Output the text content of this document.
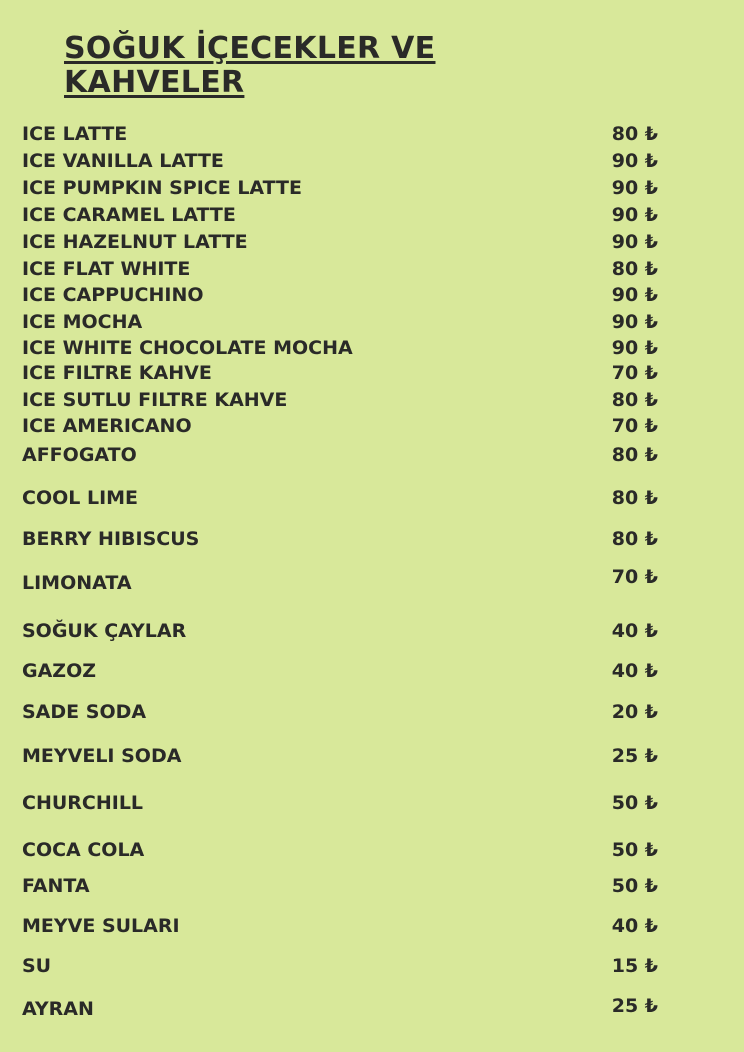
SOĞUK İÇECEKLER VE
KAHVELER
ICE LATTE	80 ₺
ICE VANILLA LATTE	90 ₺
ICE PUMPKIN SPICE LATTE	90 ₺
ICE CARAMEL LATTE	90 ₺
ICE HAZELNUT LATTE	90 ₺
ICE FLAT WHITE	80 ₺
ICE CAPPUCHINO	90 ₺
ICE MOCHA	90 ₺
ICE WHITE CHOCOLATE MOCHA	90 ₺
ICE FILTRE KAHVE	70 ₺
ICE SUTLU FILTRE KAHVE	80 ₺
ICE AMERICANO	70 ₺
AFFOGATO	80 ₺
COOL LIME	80 ₺
BERRY HIBISCUS	80 ₺
LIMONATA	70 ₺
SOĞUK ÇAYLAR	40 ₺
GAZOZ	40 ₺
SADE SODA	20 ₺
MEYVELI SODA	25 ₺
CHURCHILL	50 ₺
COCA COLA	50 ₺
FANTA	50 ₺
MEYVE SULARI	40 ₺
SU	15 ₺
AYRAN	25 ₺
